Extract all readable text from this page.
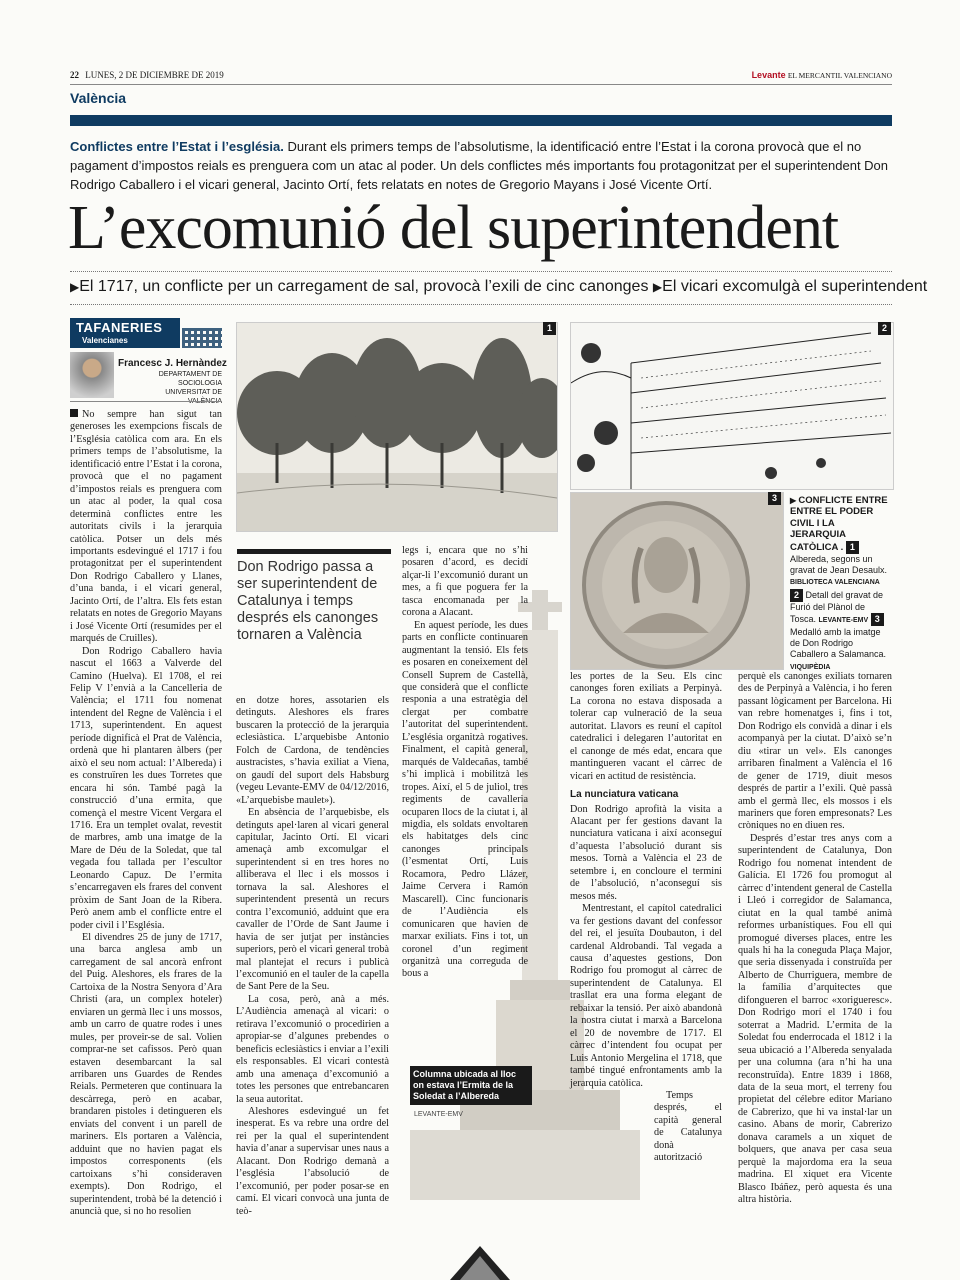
22 LUNES, 2 DE DICIEMBRE DE 2019	Levante EL MERCANTIL VALENCIANO
València
Conflictes entre l’Estat i l’església. Durant els primers temps de l’absolutisme, la identificació entre l’Estat i la corona provocà que el no pagament d’impostos reials es prenguera com un atac al poder. Un dels conflictes més importants fou protagonitzat per el superintendent Don Rodrigo Caballero i el vicari general, Jacinto Ortí, fets relatats en notes de Gregorio Mayans i José Vicente Ortí.
L’excomunió del superintendent
▶El 1717, un conflicte per un carregament de sal, provocà l’exili de cinc canonges ▶El vicari excomulgà el superintendent
TAFANERIES
Valencianes
Francesc J. Hernàndez
DEPARTAMENT DE SOCIOLOGIA
UNIVERSITAT DE VALÈNCIA

No sempre han sigut tan generoses les exempcions fiscals de l’Església catòlica com ara. En els primers temps de l’absolutisme, la identificació entre l’Estat i la corona, provocà que el no pagament d’impostos reials es prenguera com un atac al poder, la qual cosa determinà conflictes entre les autoritats civils i la jerarquia catòlica. Potser un dels més importants esdevingué el 1717 i fou protagonitzat per el superintendent Don Rodrigo Caballero y Llanes, d’una banda, i el vicari general, Jacinto Ortí, de l’altra. Els fets estan relatats en notes de Gregorio Mayans i José Vicente Ortí (resumides per el marqués de Cruilles).

Don Rodrigo Caballero havia nascut el 1663 a Valverde del Camino (Huelva). El 1708, el rei Felip V l’envià a la Cancelleria de València; el 1711 fou nomenat intendent del Regne de València i el 1713, superintendent. En aquest període dignificà el Prat de València, ordenà que hi plantaren àlbers (per això el seu nom actual: l’Albereda) i es construïren les dues Torretes que encara hi són. També pagà la construcció d’una ermita, que començà el mestre Vicent Vergara el 1716. Era un templet ovalat, revestit de marbres, amb una imatge de la Mare de Déu de la Soledat, que tal vegada fou tallada per l’escultor Leonardo Capuz. De l’ermita s’encarregaven els frares del convent pròxim de Sant Joan de la Ribera. Però anem amb el conflicte entre el poder civil i l’Església.

El divendres 25 de juny de 1717, una barca anglesa amb un carregament de sal ancorà enfront del Puig. Aleshores, els frares de la Cartoixa de la Nostra Senyora d’Ara Christi (ara, un complex hoteler) enviaren un germà llec i uns mossos, amb un carro de quatre rodes i unes mules, per proveir-se de sal. Volien comprar-ne set cafissos. Però quan estaven desembarcant la sal arribaren uns Guardes de Rendes Reials. Permeteren que continuara la descàrrega, però en acabar, brandaren pistoles i detingueren els enviats del convent i un parell de mariners. Els portaren a València, adduint que no havien pagat els impostos corresponents (els cartoixans s’hi consideraven exempts). Don Rodrigo, el superintendent, trobà bé la detenció i anuncià que, si no ho resolien

1	2
3	▶ CONFLICTE ENTRE ENTRE EL PODER CIVIL I LA JERARQUIA CATÒLICA . 1 Albereda, segons un gravat de Jean Desaulx. BIBLIOTECA VALENCIANA 2 Detall del gravat de Furió del Plànol de Tosca. LEVANTE-EMV 3 Medalló amb la imatge de Don Rodrigo Caballero a Salamanca. VIQUIPÈDIA
Don Rodrigo passa a ser superintendent de Catalunya i temps després els canonges tornaren a València

en dotze hores, assotarien els detinguts. Aleshores els frares buscaren la protecció de la jerarquia eclesiàstica. L’arquebisbe Antonio Folch de Cardona, de tendències austracistes, s’havia exiliat a Viena, on gaudí del suport dels Habsburg (vegeu Levante-EMV de 04/12/2016, «L’arquebisbe maulet»).

En absència de l’arquebisbe, els detinguts apel·laren al vicari general capitular, Jacinto Ortí. El vicari amenaçà amb excomulgar el superintendent si en tres hores no alliberava el llec i els mossos i tornava la sal. Aleshores el superintendent presentà un recurs contra l’excomunió, adduint que era cavaller de l’Orde de Sant Jaume i havia de ser jutjat per instàncies superiors, però el vicari general trobà mal plantejat el recurs i publicà l’excomunió en el tauler de la capella de Sant Pere de la Seu.

La cosa, però, anà a més. L’Audiència amenaçà al vicari: o retirava l’excomunió o procedirien a apropiar-se d’algunes prebendes o beneficis eclesiàstics i enviar a l’exili els responsables. El vicari contestà amb una amenaça d’excomunió a totes les persones que entrebancaren la seua autoritat.

Aleshores esdevingué un fet inesperat. Es va rebre una ordre del rei per la qual el superintendent havia d’anar a supervisar unes naus a Alacant. Don Rodrigo demanà a l’església l’absolució de l’excomunió, per poder posar-se en camí. El vicari convocà una junta de teò-

legs i, encara que no s’hi posaren d’acord, es decidí alçar-li l’excomunió durant un mes, a fi que poguera fer la tasca encomanada per la corona a Alacant.

En aquest període, les dues parts en conflicte continuaren augmentant la tensió. Els fets es posaren en coneixement del Consell Suprem de Castellà, que considerà que el conflicte responia a una estratègia del clergat per combatre l’autoritat del superintendent. L’església organitzà rogatives. Finalment, el capità general, marqués de Valdecañas, també s’hi implicà i mobilitzà les tropes. Així, el 5 de juliol, tres regiments de cavalleria ocuparen llocs de la ciutat i, al migdia, els soldats envoltaren els habitatges dels cinc canonges principals (l’esmentat Ortí, Luis Rocamora, Pedro Llázer, Jaime Cervera i Ramón Mascarell). Cinc funcionaris de l’Audiència els comunicaren que havien de marxar exiliats. Fins i tot, un coronel d’un regiment organitzà una correguda de bous a

Columna ubicada al lloc on estava l’Ermita de la Soledat a l’Albereda
LEVANTE-EMV

les portes de la Seu. Els cinc canonges foren exiliats a Perpinyà. La corona no estava disposada a tolerar cap vulneració de la seua autoritat. Llavors es reuní el capítol catedralici i delegaren l’autoritat en el canonge de més edat, encara que mantingueren vacant el càrrec de vicari en actitud de resistència.

La nunciatura vaticana

Don Rodrigo aprofità la visita a Alacant per fer gestions davant la nunciatura vaticana i així aconseguí d’aquesta l’absolució durant sis mesos. Tornà a València el 23 de setembre i, en concloure el termini de l’absolució, n’aconseguí sis mesos més.

Mentrestant, el capítol catedralici va fer gestions davant del confessor del rei, el jesuïta Doubauton, i del cardenal Aldrobandi. Tal vegada a causa d’aquestes gestions, Don Rodrigo fou promogut al càrrec de superintendent de Catalunya. El trasllat era una forma elegant de rebaixar la tensió. Per això abandonà la nostra ciutat i marxà a Barcelona el 20 de novembre de 1717. El càrrec d’intendent fou ocupat per Luis Antonio Mergelina el 1718, que també tingué enfrontaments amb la jerarquia catòlica.

Temps després, el capità general de Catalunya donà autorització

perquè els canonges exiliats tornaren des de Perpinyà a València, i ho feren passant lògicament per Barcelona. Hi van rebre homenatges i, fins i tot, Don Rodrigo els convidà a dinar i els acompanyà per la ciutat. D’això se’n diu «tirar un vel». Els canonges arribaren finalment a València el 16 de gener de 1719, diuit mesos després de partir a l’exili. Què passà amb el germà llec, els mossos i els mariners que foren empresonats? Les cròniques no en diuen res.

Després d’estar tres anys com a superintendent de Catalunya, Don Rodrigo fou nomenat intendent de Galícia. El 1726 fou promogut al càrrec d’intendent general de Castella i Lleó i corregidor de Salamanca, ciutat en la qual també animà reformes urbanístiques. Fou ell qui promogué diverses places, entre les quals hi ha la coneguda Plaça Major, que seria dissenyada i construïda per Alberto de Churriguera, membre de la família d’arquitectes que difongueren el barroc «xorigueresc». Don Rodrigo morí el 1740 i fou soterrat a Madrid. L’ermita de la Soledat fou enderrocada el 1812 i la seua ubicació a l’Albereda senyalada per una columna (ara n’hi ha una reconstruïda). Entre 1839 i 1868, data de la seua mort, el terreny fou propietat del célebre editor Mariano de Cabrerizo, que hi va instal·lar un casino. Abans de morir, Cabrerizo donava caramels a un xiquet de bolquers, que anava per casa seua perquè la majordoma era la seua madrina. El xiquet era Vicente Blasco Ibáñez, però aquesta és una altra història.
